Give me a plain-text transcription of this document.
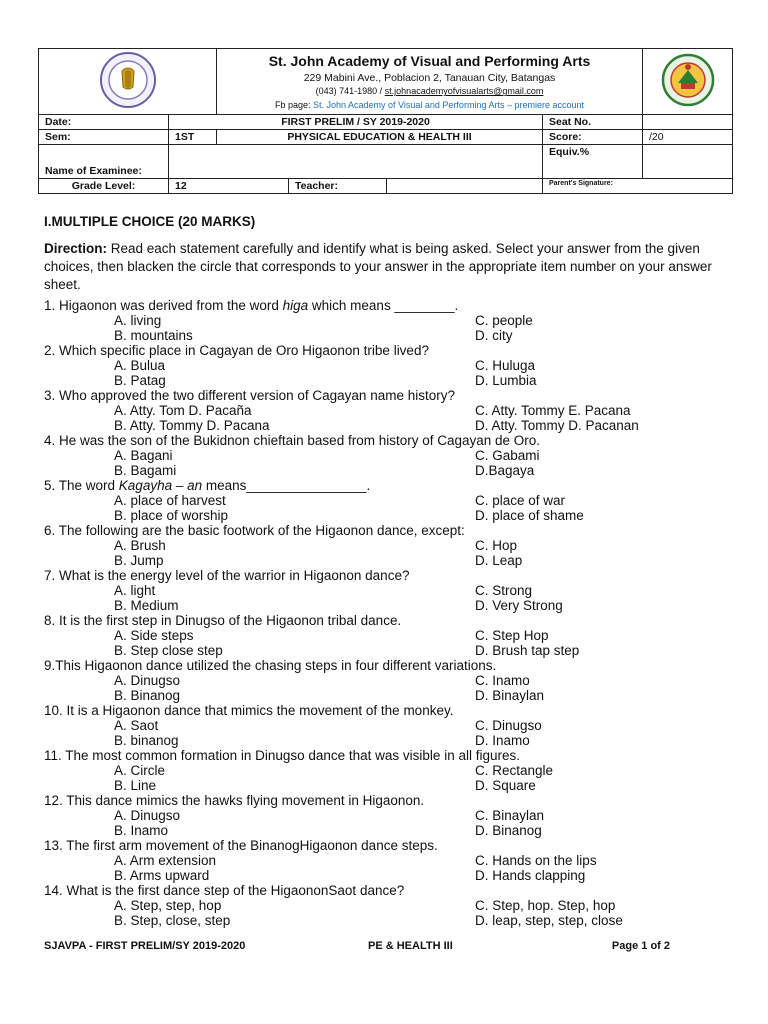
St. John Academy of Visual and Performing Arts
229 Mabini Ave., Poblacion 2, Tanauan City, Batangas
(043) 741-1980 / st.johnacademyofvisualarts@gmail.com
Fb page: St. John Academy of Visual and Performing Arts – premiere account

Date:	FIRST PRELIM / SY 2019-2020				Seat No.	
Sem:	1ST	PHYSICAL EDUCATION & HEALTH III			Score:	/20
Name of Examinee:					Equiv.%	
Grade Level:	12		Teacher:		Parent's Signature:	
I.MULTIPLE CHOICE (20 MARKS)
Direction: Read each statement carefully and identify what is being asked. Select your answer from the given choices, then blacken the circle that corresponds to your answer in the appropriate item number on your answer sheet.
1. Higaonon was derived from the word higa which means ________.
A. living	C. people
B. mountains	D. city
2. Which specific place in Cagayan de Oro Higaonon tribe lived?
A. Bulua	C. Huluga
B. Patag	D. Lumbia
3. Who approved the two different version of Cagayan name history?
A. Atty. Tom D. Pacaña	C. Atty. Tommy E. Pacana
B. Atty. Tommy D. Pacana	D. Atty. Tommy D. Pacanan
4. He was the son of the Bukidnon chieftain based from history of Cagayan de Oro.
A. Bagani	C. Gabami
B. Bagami	D.Bagaya
5. The word Kagayha – an means________________.
A. place of harvest	C. place of war
B. place of worship	D. place of shame
6. The following are the basic footwork of the Higaonon dance, except:
A. Brush	C. Hop
B. Jump	D. Leap
7. What is the energy level of the warrior in Higaonon dance?
A. light	C. Strong
B. Medium	D. Very Strong
8. It is the first step in Dinugso of the Higaonon tribal dance.
A. Side steps	C. Step Hop
B. Step close step	D. Brush tap step
9.This Higaonon dance utilized the chasing steps in four different variations.
A. Dinugso	C. Inamo
B. Binanog	D. Binaylan
10. It is a Higaonon dance that mimics the movement of the monkey.
A. Saot	C. Dinugso
B. binanog	D. Inamo
11. The most common formation in Dinugso dance that was visible in all figures.
A. Circle	C. Rectangle
B. Line	D. Square
12. This dance mimics the hawks flying movement in Higaonon.
A. Dinugso	C. Binaylan
B. Inamo	D. Binanog
13. The first arm movement of the BinanogHigaonon dance steps.
A. Arm extension	C. Hands on the lips
B. Arms upward	D. Hands clapping
14. What is the first dance step of the HigaononSaot dance?
A. Step, step, hop	C. Step, hop. Step, hop
B. Step, close, step	D. leap, step, step, close
SJAVPA - FIRST PRELIM/SY 2019-2020	PE & HEALTH III	Page 1 of 2
